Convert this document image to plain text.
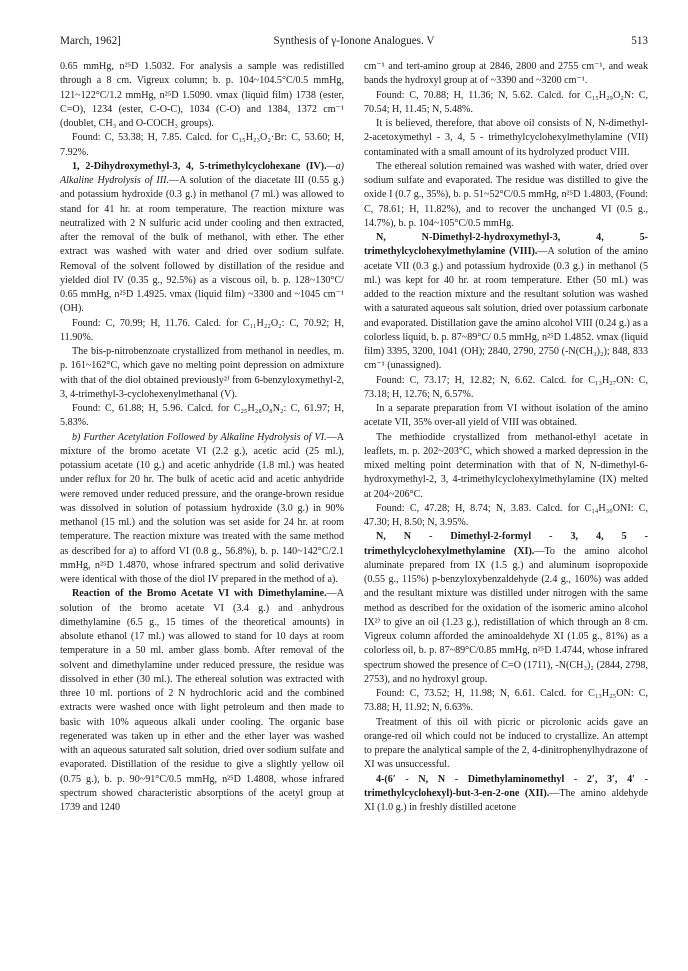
March, 1962]	Synthesis of γ-Ionone Analogues. V	513

0.65 mmHg, n²⁵D 1.5032. For analysis a sample was redistilled through a 8 cm. Vigreux column; b. p. 104~104.5°C/0.5 mmHg, 121~122°C/1.2 mmHg, n²⁵D 1.5090. νmax (liquid film) 1738 (ester, C=O), 1234 (ester, C-O-C), 1034 (C-O) and 1384, 1372 cm⁻¹ (doublet, CH₃ and O-COCH₃ groups).

Found: C, 53.38; H, 7.85. Calcd. for C₁₅H₂₃O₂·Br: C, 53.60; H, 7.92%.

1, 2-Dihydroxymethyl-3, 4, 5-trimethylcyclohexane (IV).—a) Alkaline Hydrolysis of III.—A solution of the diacetate III (0.55 g.) and potassium hydroxide (0.3 g.) in methanol (7 ml.) was allowed to stand for 41 hr. at room temperature. The reaction mixture was neutralized with 2 N sulfuric acid under cooling and then extracted, after the removal of the bulk of methanol, with ether. The ether extract was washed with water and dried over sodium sulfate. Removal of the solvent followed by distillation of the residue and yielded diol IV (0.35 g., 92.5%) as a viscous oil, b. p. 128~130°C/ 0.65 mmHg, n²⁵D 1.4925. νmax (liquid film) ~3300 and ~1045 cm⁻¹ (OH).

Found: C, 70.99; H, 11.76. Calcd. for C₁₁H₂₂O₂: C, 70.92; H, 11.90%.

The bis-p-nitrobenzoate crystallized from methanol in needles, m. p. 161~162°C, which gave no melting point depression on admixture with that of the diol obtained previously²⁾ from 6-benzyloxymethyl-2, 3, 4-trimethyl-3-cyclohexenylmethanal (V).

Found: C, 61.88; H, 5.96. Calcd. for C₂₅H₂₈O₈N₂: C, 61.97; H, 5.83%.

b) Further Acetylation Followed by Alkaline Hydrolysis of VI.—A mixture of the bromo acetate VI (2.2 g.), acetic acid (25 ml.), potassium acetate (10 g.) and acetic anhydride (1.8 ml.) was heated under reflux for 20 hr. The bulk of acetic acid and acetic anhydride were removed under reduced pressure, and the orange-brown residue was dissolved in solution of potassium hydroxide (3.0 g.) in 90% methanol (15 ml.) and the solution was set aside for 24 hr. at room temperature. The reaction mixture was treated with the same method as described for a) to afford VI (0.8 g., 56.8%), b. p. 140~142°C/2.1 mmHg, n²⁵D 1.4870, whose infrared spectrum and solid derivative were identical with those of the diol IV prepared in the method of a).

Reaction of the Bromo Acetate VI with Dimethylamine.—A solution of the bromo acetate VI (3.4 g.) and anhydrous dimethylamine (6.5 g., 15 times of the theoretical amounts) in absolute ethanol (17 ml.) was allowed to stand for 10 days at room temperature in a 50 ml. amber glass bomb. After removal of the solvent and dimethylamine under reduced pressure, the residue was dissolved in ether (30 ml.). The ethereal solution was extracted with three 10 ml. portions of 2 N hydrochloric acid and the combined extracts were washed once with light petroleum and then made to basic with 10% aqueous alkali under cooling. The organic base regenerated was taken up in ether and the ether layer was washed with an aqueous saturated salt solution, dried over sodium sulfate and evaporated. Distillation of the residue to give a slightly yellow oil (0.75 g.), b. p. 90~91°C/0.5 mmHg, n²⁵D 1.4808, whose infrared spectrum showed characteristic absorptions of the acetyl group at 1739 and 1240

cm⁻¹ and tert-amino group at 2846, 2800 and 2755 cm⁻¹, and weak bands the hydroxyl group at of ~3390 and ~3200 cm⁻¹.

Found: C, 70.88; H, 11.36; N, 5.62. Calcd. for C₁₅H₂₉O₂N: C, 70.54; H, 11.45; N, 5.48%.

It is believed, therefore, that above oil consists of N, N-dimethyl-2-acetoxymethyl - 3, 4, 5 - trimethylcyclohexylmethylamine (VII) contaminated with a small amount of its hydrolyzed product VIII.

The ethereal solution remained was washed with water, dried over sodium sulfate and evaporated. The residue was distilled to give the oxide I (0.7 g., 35%), b. p. 51~52°C/0.5 mmHg, n²⁵D 1.4803, (Found: C, 78.61; H, 11.82%), and to recover the unchanged VI (0.5 g., 14.7%), b. p. 104~105°C/0.5 mmHg.

N, N-Dimethyl-2-hydroxymethyl-3, 4, 5-trimethylcyclohexylmethylamine (VIII).—A solution of the amino acetate VII (0.3 g.) and potassium hydroxide (0.3 g.) in methanol (5 ml.) was kept for 40 hr. at room temperature. Ether (50 ml.) was added to the reaction mixture and the resultant solution was washed with a saturated aqueous salt solution, dried over potassium carbonate and evaporated. Distillation gave the amino alcohol VIII (0.24 g.) as a colorless liquid, b. p. 87~89°C/ 0.5 mmHg, n²⁵D 1.4852. νmax (liquid film) 3395, 3200, 1041 (OH); 2840, 2790, 2750 (-N(CH₃)₂); 848, 833 cm⁻¹ (unassigned).

Found: C, 73.17; H, 12.82; N, 6.62. Calcd. for C₁₃H₂₇ON: C, 73.18; H, 12.76; N, 6.57%.

In a separate preparation from VI without isolation of the amino acetate VII, 35% over-all yield of VIII was obtained.

The methiodide crystallized from methanol-ethyl acetate in leaflets, m. p. 202~203°C, which showed a marked depression in the mixed melting point determination with that of N, N-dimethyl-6-hydroxymethyl-2, 3, 4-trimethylcyclohexylmethylamine (IX) melted at 204~206°C.

Found: C, 47.28; H, 8.74; N, 3.83. Calcd. for C₁₄H₃₀ONI: C, 47.30; H, 8.50; N, 3.95%.

N, N - Dimethyl-2-formyl - 3, 4, 5 - trimethylcyclohexylmethylamine (XI).—To the amino alcohol aluminate prepared from IX (1.5 g.) and aluminum isopropoxide (0.55 g., 115%) p-benzyloxybenzaldehyde (2.4 g., 160%) was added and the resultant mixture was distilled under nitrogen with the same method as described for the oxidation of the isomeric amino alcohol IX²⁾ to give an oil (1.23 g.), redistillation of which through an 8 cm. Vigreux column afforded the aminoaldehyde XI (1.05 g., 81%) as a colorless oil, b. p. 87~89°C/0.85 mmHg, n²⁵D 1.4744, whose infrared spectrum showed the presence of C=O (1711), -N(CH₃)₂ (2844, 2798, 2753), and no hydroxyl group.

Found: C, 73.52; H, 11.98; N, 6.61. Calcd. for C₁₃H₂₅ON: C, 73.88; H, 11.92; N, 6.63%.

Treatment of this oil with picric or picrolonic acids gave an orange-red oil which could not be induced to crystallize. An attempt to prepare the analytical sample of the 2, 4-dinitrophenylhydrazone of XI was unsuccessful.

4-(6′ - N, N - Dimethylaminomethyl - 2′, 3′, 4′ - trimethylcyclohexyl)-but-3-en-2-one (XII).—The amino aldehyde XI (1.0 g.) in freshly distilled acetone
